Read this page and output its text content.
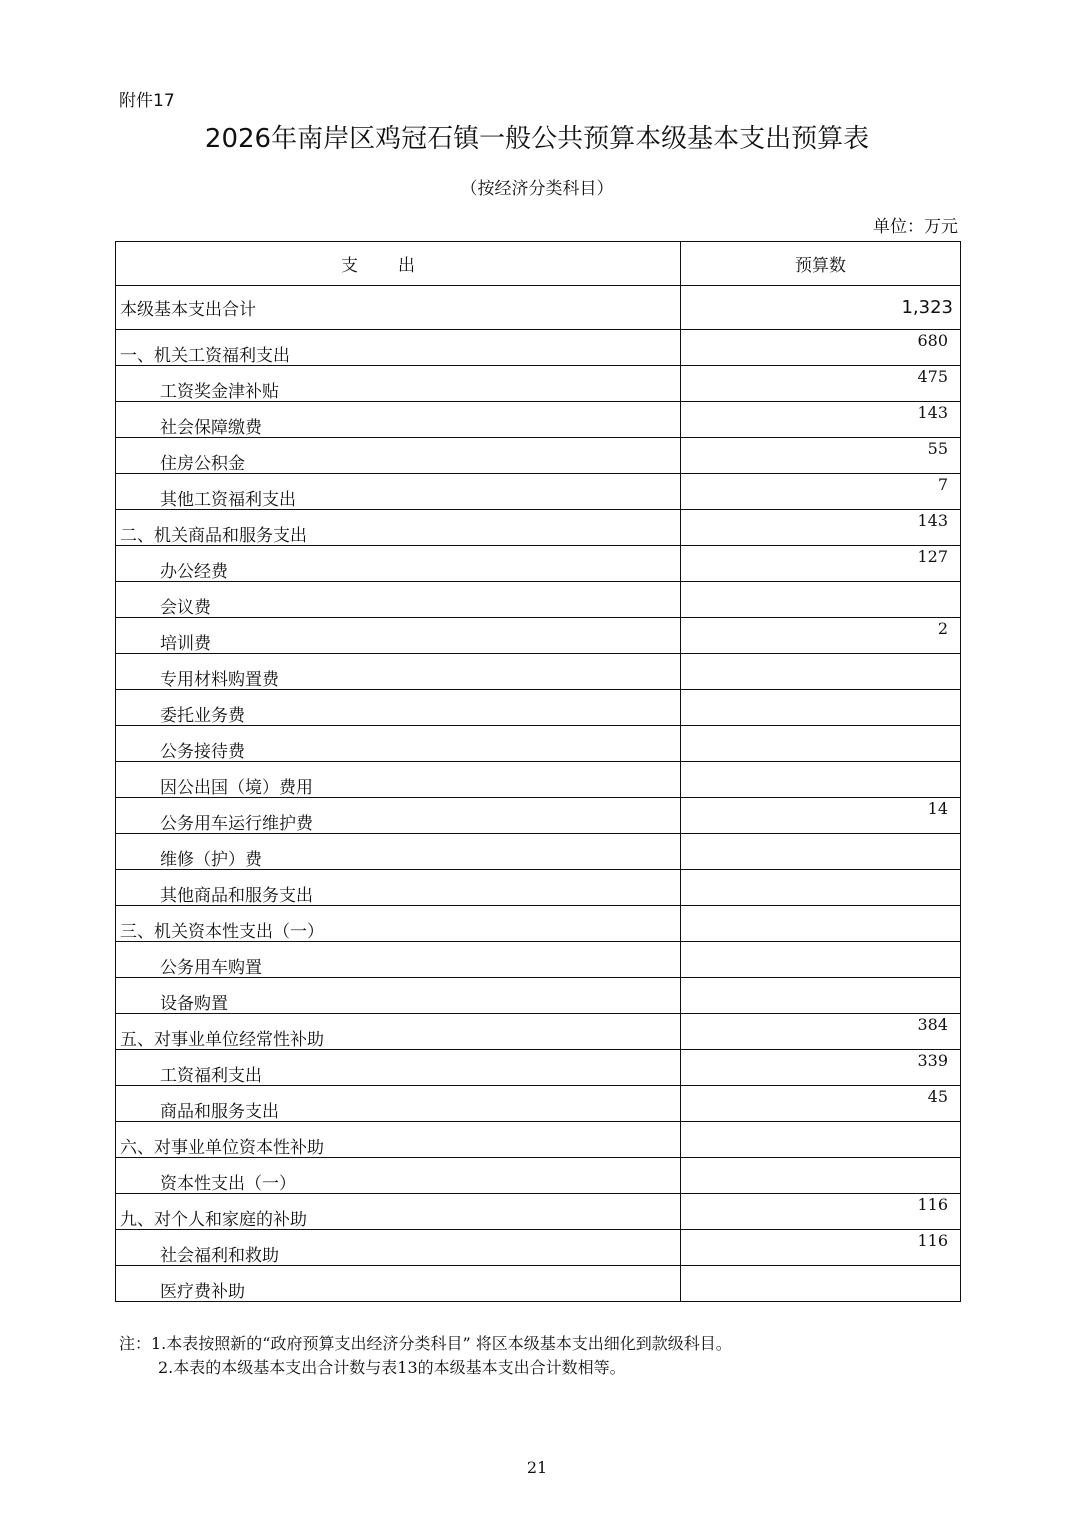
附件17
2026年南岸区鸡冠石镇一般公共预算本级基本支出预算表
（按经济分类科目）
单位：万元
支出	预算数
本级基本支出合计	1,323
一、机关工资福利支出	680
工资奖金津补贴	475
社会保障缴费	143
住房公积金	55
其他工资福利支出	7
二、机关商品和服务支出	143
办公经费	127
会议费	
培训费	2
专用材料购置费	
委托业务费	
公务接待费	
因公出国（境）费用	
公务用车运行维护费	14
维修（护）费	
其他商品和服务支出	
三、机关资本性支出（一）	
公务用车购置	
设备购置	
五、对事业单位经常性补助	384
工资福利支出	339
商品和服务支出	45
六、对事业单位资本性补助	
资本性支出（一）	
九、对个人和家庭的补助	116
社会福利和救助	116
医疗费补助	
注：1.本表按照新的“政府预算支出经济分类科目” 将区本级基本支出细化到款级科目。
2.本表的本级基本支出合计数与表13的本级基本支出合计数相等。
21
